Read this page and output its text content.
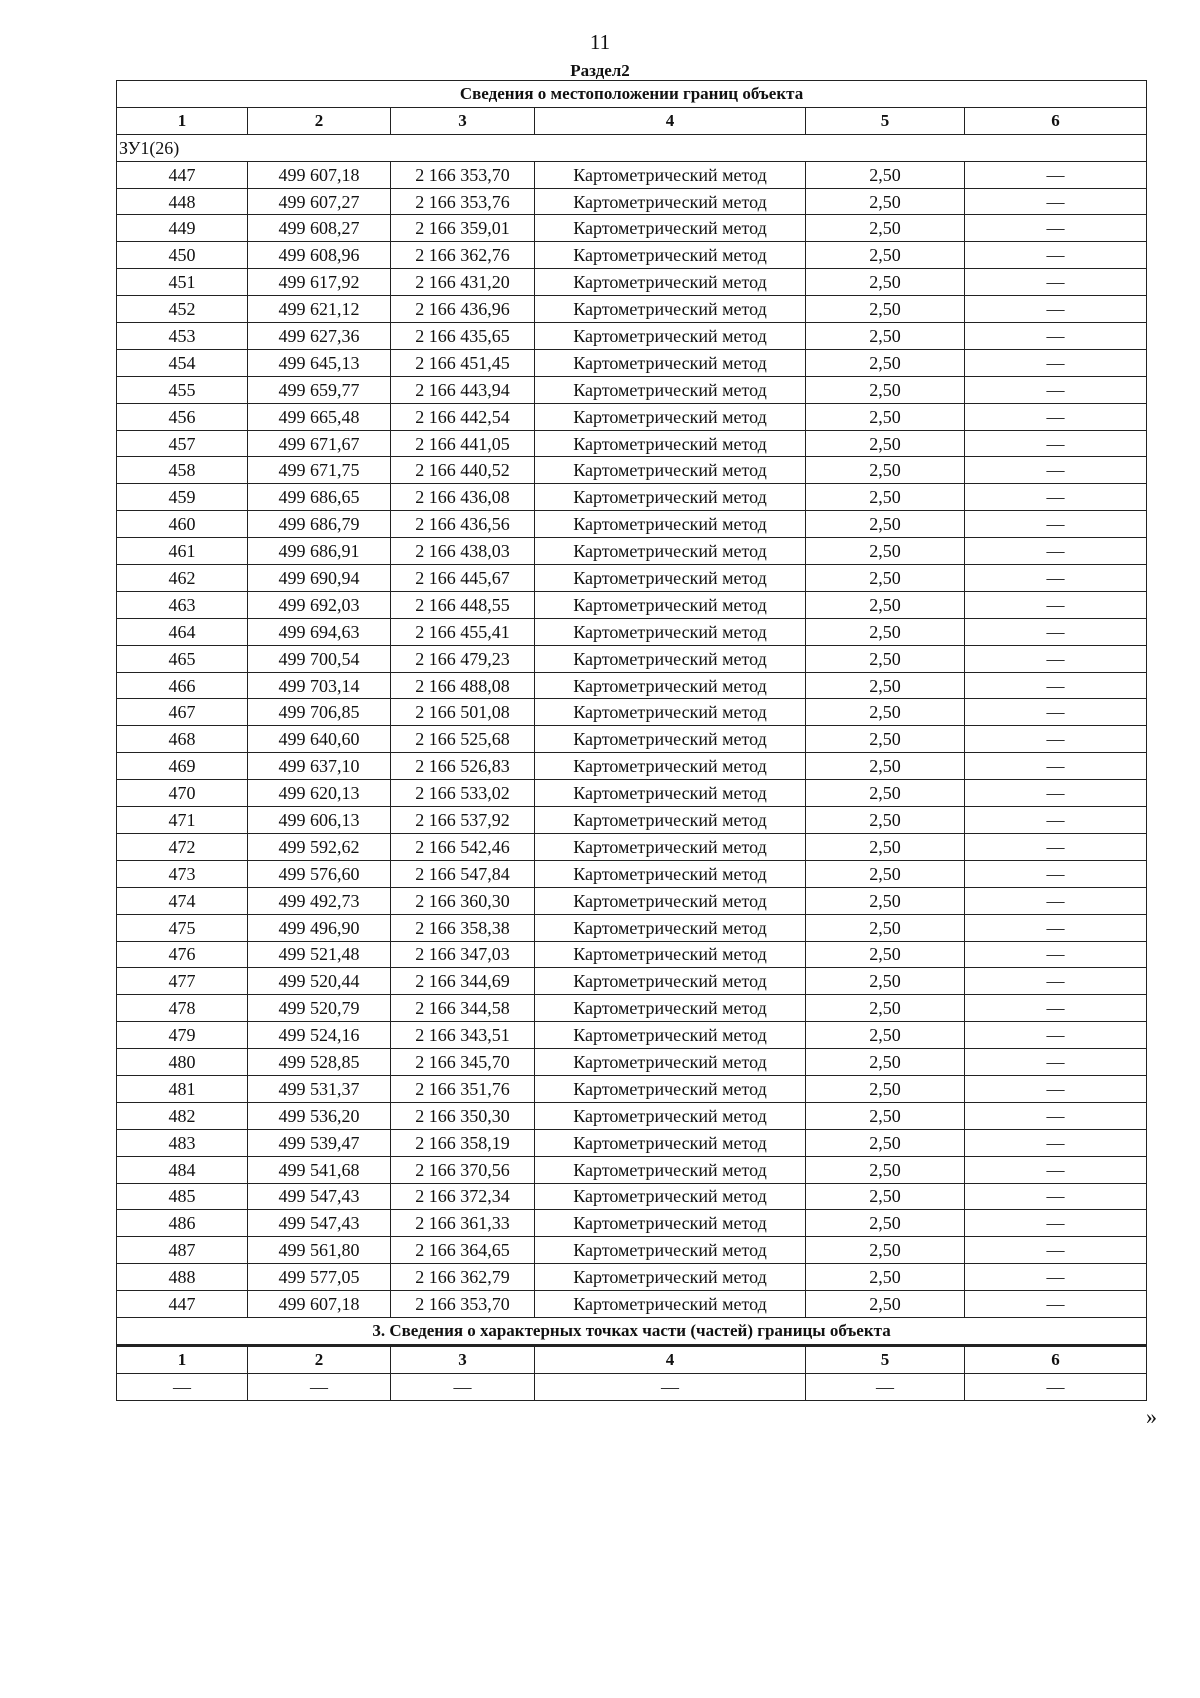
11
Раздел2
Сведения о местоположении границ объекта					
1	2	3	4	5	6
ЗУ1(26)					
447	499 607,18	2 166 353,70	Картометрический метод	2,50	—
448	499 607,27	2 166 353,76	Картометрический метод	2,50	—
449	499 608,27	2 166 359,01	Картометрический метод	2,50	—
450	499 608,96	2 166 362,76	Картометрический метод	2,50	—
451	499 617,92	2 166 431,20	Картометрический метод	2,50	—
452	499 621,12	2 166 436,96	Картометрический метод	2,50	—
453	499 627,36	2 166 435,65	Картометрический метод	2,50	—
454	499 645,13	2 166 451,45	Картометрический метод	2,50	—
455	499 659,77	2 166 443,94	Картометрический метод	2,50	—
456	499 665,48	2 166 442,54	Картометрический метод	2,50	—
457	499 671,67	2 166 441,05	Картометрический метод	2,50	—
458	499 671,75	2 166 440,52	Картометрический метод	2,50	—
459	499 686,65	2 166 436,08	Картометрический метод	2,50	—
460	499 686,79	2 166 436,56	Картометрический метод	2,50	—
461	499 686,91	2 166 438,03	Картометрический метод	2,50	—
462	499 690,94	2 166 445,67	Картометрический метод	2,50	—
463	499 692,03	2 166 448,55	Картометрический метод	2,50	—
464	499 694,63	2 166 455,41	Картометрический метод	2,50	—
465	499 700,54	2 166 479,23	Картометрический метод	2,50	—
466	499 703,14	2 166 488,08	Картометрический метод	2,50	—
467	499 706,85	2 166 501,08	Картометрический метод	2,50	—
468	499 640,60	2 166 525,68	Картометрический метод	2,50	—
469	499 637,10	2 166 526,83	Картометрический метод	2,50	—
470	499 620,13	2 166 533,02	Картометрический метод	2,50	—
471	499 606,13	2 166 537,92	Картометрический метод	2,50	—
472	499 592,62	2 166 542,46	Картометрический метод	2,50	—
473	499 576,60	2 166 547,84	Картометрический метод	2,50	—
474	499 492,73	2 166 360,30	Картометрический метод	2,50	—
475	499 496,90	2 166 358,38	Картометрический метод	2,50	—
476	499 521,48	2 166 347,03	Картометрический метод	2,50	—
477	499 520,44	2 166 344,69	Картометрический метод	2,50	—
478	499 520,79	2 166 344,58	Картометрический метод	2,50	—
479	499 524,16	2 166 343,51	Картометрический метод	2,50	—
480	499 528,85	2 166 345,70	Картометрический метод	2,50	—
481	499 531,37	2 166 351,76	Картометрический метод	2,50	—
482	499 536,20	2 166 350,30	Картометрический метод	2,50	—
483	499 539,47	2 166 358,19	Картометрический метод	2,50	—
484	499 541,68	2 166 370,56	Картометрический метод	2,50	—
485	499 547,43	2 166 372,34	Картометрический метод	2,50	—
486	499 547,43	2 166 361,33	Картометрический метод	2,50	—
487	499 561,80	2 166 364,65	Картометрический метод	2,50	—
488	499 577,05	2 166 362,79	Картометрический метод	2,50	—
447	499 607,18	2 166 353,70	Картометрический метод	2,50	—
3. Сведения о характерных точках части (частей) границы объекта					
1	2	3	4	5	6
—	—	—	—	—	—
»
